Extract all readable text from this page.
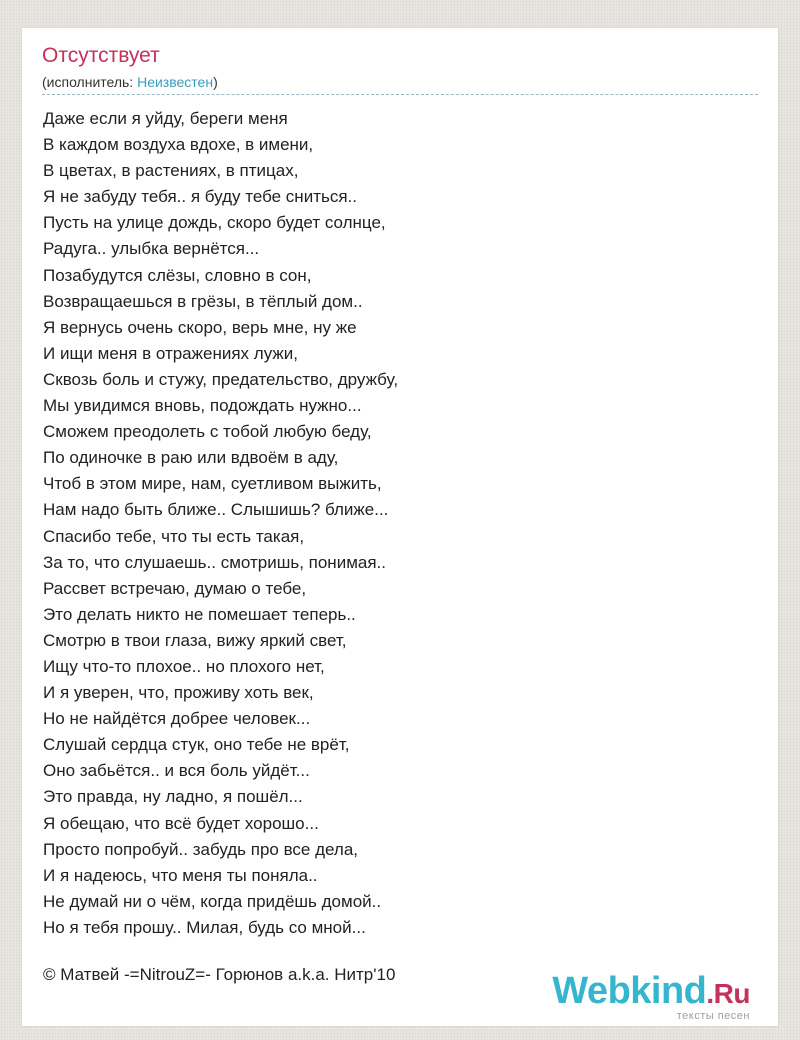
Отсутствует
(исполнитель: Неизвестен)
Даже если я уйду, береги меня
В каждом воздуха вдохе, в имени,
В цветах, в растениях, в птицах,
Я не забуду тебя.. я буду тебе сниться..
Пусть на улице дождь, скоро будет солнце,
Радуга.. улыбка вернётся...
Позабудутся слёзы, словно в сон,
Возвращаешься в грёзы, в тёплый дом..
Я вернусь очень скоро, верь мне, ну же
И ищи меня в отражениях лужи,
Сквозь боль и стужу, предательство, дружбу,
Мы увидимся вновь, подождать нужно...
Сможем преодолеть с тобой любую беду,
По одиночке в раю или вдвоём в аду,
Чтоб в этом мире, нам, суетливом выжить,
Нам надо быть ближе.. Слышишь? ближе...
Спасибо тебе, что ты есть такая,
За то, что слушаешь.. смотришь, понимая..
Рассвет встречаю, думаю о тебе,
Это делать никто не помешает теперь..
Смотрю в твои глаза, вижу яркий свет,
Ищу что-то плохое.. но плохого нет,
И я уверен, что, проживу хоть век,
Но не найдётся добрее человек...
Слушай сердца стук, оно тебе не врёт,
Оно забьётся.. и вся боль уйдёт...
Это правда, ну ладно, я пошёл...
Я обещаю, что всё будет хорошо...
Просто попробуй.. забудь про все дела,
И я надеюсь, что меня ты поняла..
Не думай ни о чём, когда придёшь домой..
Но я тебя прошу.. Милая, будь со мной...
© Матвей -=NitrouZ=- Горюнов a.k.a. Нитр'10	Webkind.Ru
тексты песен
